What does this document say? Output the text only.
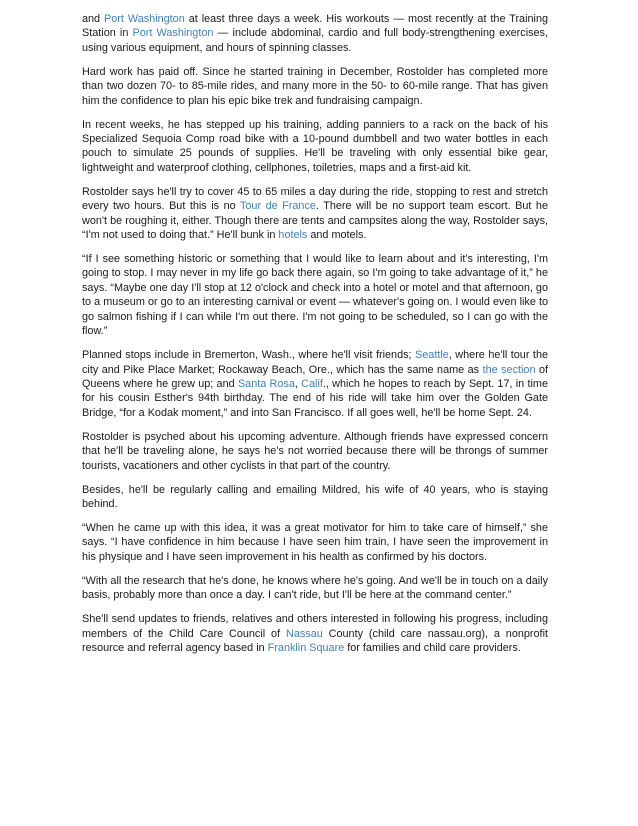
and Port Washington at least three days a week. His workouts — most recently at the Training Station in Port Washington — include abdominal, cardio and full body-strengthening exercises, using various equipment, and hours of spinning classes.

Hard work has paid off. Since he started training in December, Rostolder has completed more than two dozen 70- to 85-mile rides, and many more in the 50- to 60-mile range. That has given him the confidence to plan his epic bike trek and fundraising campaign.

In recent weeks, he has stepped up his training, adding panniers to a rack on the back of his Specialized Sequoia Comp road bike with a 10-pound dumbbell and two water bottles in each pouch to simulate 25 pounds of supplies. He'll be traveling with only essential bike gear, lightweight and waterproof clothing, cellphones, toiletries, maps and a first-aid kit.

Rostolder says he'll try to cover 45 to 65 miles a day during the ride, stopping to rest and stretch every two hours. But this is no Tour de France. There will be no support team escort. But he won't be roughing it, either. Though there are tents and campsites along the way, Rostolder says, “I'm not used to doing that.” He'll bunk in hotels and motels.

“If I see something historic or something that I would like to learn about and it's interesting, I'm going to stop. I may never in my life go back there again, so I'm going to take advantage of it,” he says. “Maybe one day I'll stop at 12 o'clock and check into a hotel or motel and that afternoon, go to a museum or go to an interesting carnival or event — whatever's going on. I would even like to go salmon fishing if I can while I'm out there. I'm not going to be scheduled, so I can go with the flow.”

Planned stops include in Bremerton, Wash., where he'll visit friends; Seattle, where he'll tour the city and Pike Place Market; Rockaway Beach, Ore., which has the same name as the section of Queens where he grew up; and Santa Rosa, Calif., which he hopes to reach by Sept. 17, in time for his cousin Esther's 94th birthday. The end of his ride will take him over the Golden Gate Bridge, “for a Kodak moment,” and into San Francisco. If all goes well, he'll be home Sept. 24.

Rostolder is psyched about his upcoming adventure. Although friends have expressed concern that he'll be traveling alone, he says he's not worried because there will be throngs of summer tourists, vacationers and other cyclists in that part of the country.

Besides, he'll be regularly calling and emailing Mildred, his wife of 40 years, who is staying behind.

“When he came up with this idea, it was a great motivator for him to take care of himself,” she says. “I have confidence in him because I have seen him train, I have seen the improvement in his physique and I have seen improvement in his health as confirmed by his doctors.

“With all the research that he's done, he knows where he's going. And we'll be in touch on a daily basis, probably more than once a day. I can't ride, but I'll be here at the command center.”

She'll send updates to friends, relatives and others interested in following his progress, including members of the Child Care Council of Nassau County (child care nassau.org), a nonprofit resource and referral agency based in Franklin Square for families and child care providers.
